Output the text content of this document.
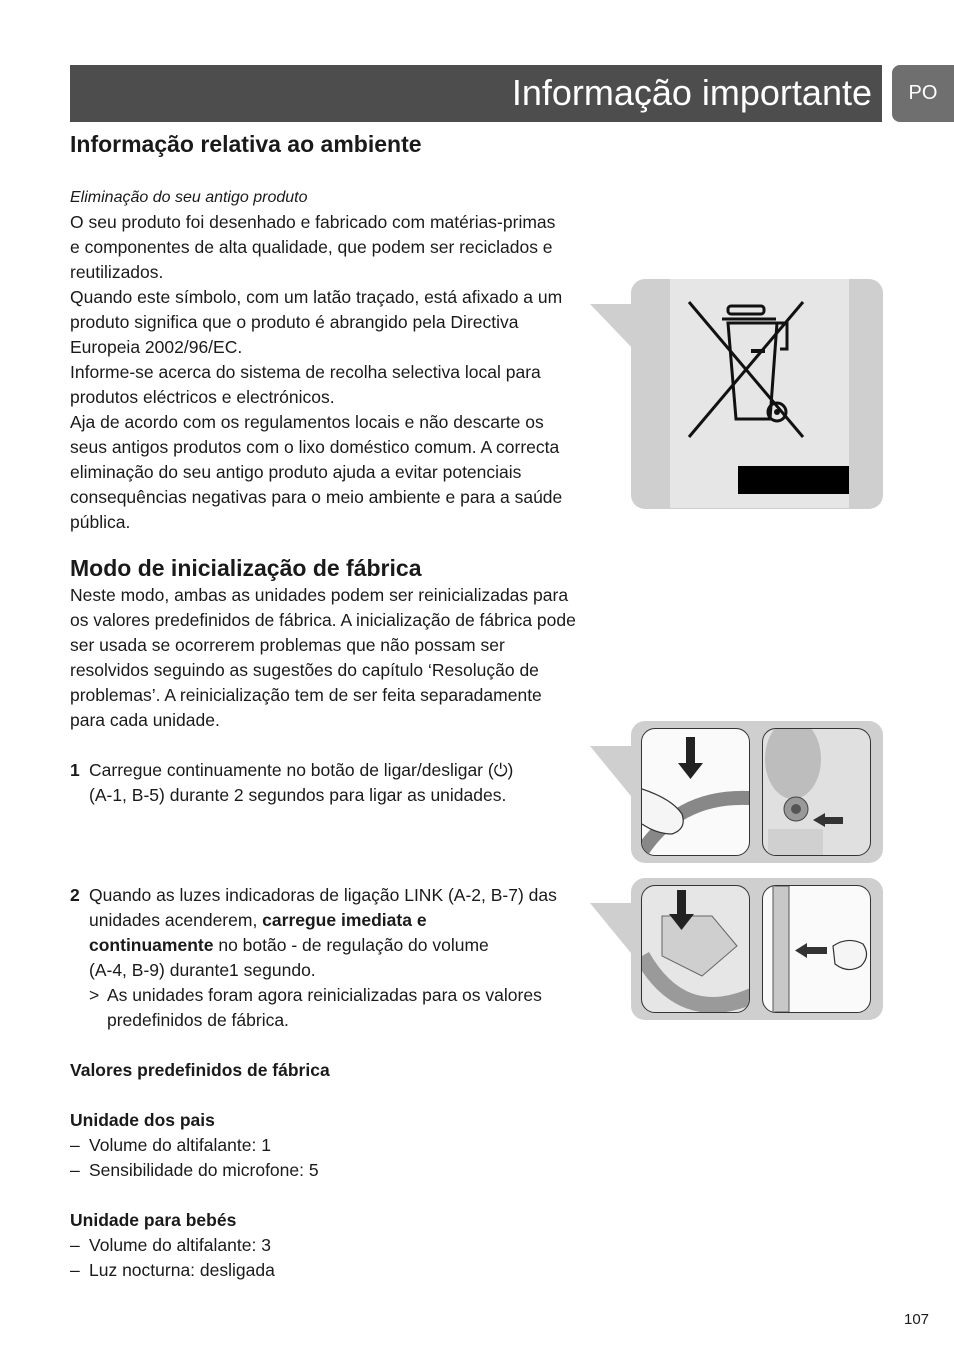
Informação importante	PO
Informação relativa ao ambiente

Eliminação do seu antigo produto

O seu produto foi desenhado e fabricado com matérias-primas

e componentes de alta qualidade, que podem ser reciclados e

reutilizados.

Quando este símbolo, com um latão traçado, está afixado a um

produto significa que o produto é abrangido pela Directiva

Europeia 2002/96/EC.

Informe-se acerca do sistema de recolha selectiva local para

produtos eléctricos e electrónicos.

Aja de acordo com os regulamentos locais e não descarte os

seus antigos produtos com o lixo doméstico comum. A correcta

eliminação do seu antigo produto ajuda a evitar potenciais

consequências negativas para o meio ambiente e para a saúde

pública.

Modo de inicialização de fábrica

Neste modo, ambas as unidades podem ser reinicializadas para

os valores predefinidos de fábrica. A inicialização de fábrica pode

ser usada se ocorrerem problemas que não possam ser

resolvidos seguindo as sugestões do capítulo ‘Resolução de

problemas’. A reinicialização tem de ser feita separadamente

para cada unidade.

1 Carregue continuamente no botão de ligar/desligar (⏻)

(A-1, B-5) durante 2 segundos para ligar as unidades.

2 Quando as luzes indicadoras de ligação LINK (A-2, B-7) das

unidades acenderem, carregue imediata e

continuamente no botão - de regulação do volume

(A-4, B-9) durante1 segundo.

> As unidades foram agora reinicializadas para os valores

predefinidos de fábrica.

Valores predefinidos de fábrica

Unidade dos pais

– Volume do altifalante: 1
– Sensibilidade do microfone: 5

Unidade para bebés

– Volume do altifalante: 3
– Luz nocturna: desligada
107
